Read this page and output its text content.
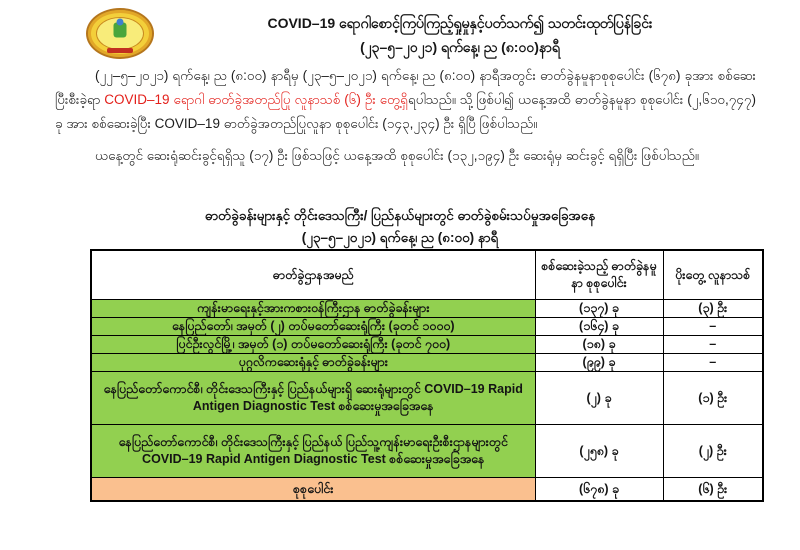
COVID–19 ရောဂါစောင့်ကြပ်ကြည့်ရှုမှုနှင့်ပတ်သက်၍ သတင်းထုတ်ပြန်ခြင်း
(၂၃–၅–၂၀၂၁) ရက်နေ့၊ ည (၈:၀၀)နာရီ

(၂၂–၅–၂၀၂၁) ရက်နေ့၊ ည (၈:၀၀) နာရီမှ (၂၃–၅–၂၀၂၁) ရက်နေ့၊ ည (၈:၀၀) နာရီအတွင်း ဓာတ်ခွဲနမူနာစုစုပေါင်း (၆၇၈) ခုအား စစ်ဆေးပြီးစီးခဲ့ရာ COVID–19 ရောဂါ ဓာတ်ခွဲအတည်ပြု လူနာသစ် (၆) ဦး တွေ့ရှိရပါသည်။ သို့ဖြစ်ပါ၍ ယနေ့အထိ ဓာတ်ခွဲနမူနာ စုစုပေါင်း (၂,၆၁၀,၇၄၇) ခု အား စစ်ဆေးခဲ့ပြီး COVID–19 ဓာတ်ခွဲအတည်ပြုလူနာ စုစုပေါင်း (၁၄၃,၂၃၄) ဦး ရှိပြီ ဖြစ်ပါသည်။

ယနေ့တွင် ဆေးရုံဆင်းခွင့်ရရှိသူ (၁၇) ဦး ဖြစ်သဖြင့် ယနေ့အထိ စုစုပေါင်း (၁၃၂,၁၉၄) ဦး ဆေးရုံမှ ဆင်းခွင့် ရရှိပြီး ဖြစ်ပါသည်။

ဓာတ်ခွဲခန်းများနှင့် တိုင်းဒေသကြီး/ ပြည်နယ်များတွင် ဓာတ်ခွဲစမ်းသပ်မှုအခြေအနေ
(၂၃–၅–၂၀၂၁) ရက်နေ့၊ ည (၈:၀၀) နာရီ
ဓာတ်ခွဲဌာနအမည်	စစ်ဆေးခဲ့သည့် ဓာတ်ခွဲနမူနာ စုစုပေါင်း	ပိုးတွေ့ လူနာသစ်
ကျန်းမာရေးနှင့်အားကစားဝန်ကြီးဌာန ဓာတ်ခွဲခန်းများ	(၁၃၇) ခု	(၃) ဦး
နေပြည်တော်၊ အမှတ် (၂) တပ်မတော်ဆေးရုံကြီး (ခုတင် ၁၀၀၀)	(၁၆၄) ခု	–
ပြင်ဦးလွင်မြို့၊ အမှတ် (၁) တပ်မတော်ဆေးရုံကြီး (ခုတင် ၇၀၀)	(၁၈) ခု	–
ပုဂ္ဂလိကဆေးရုံနှင့် ဓာတ်ခွဲခန်းများ	(၉၉) ခု	–
နေပြည်တော်ကောင်စီ၊ တိုင်းဒေသကြီးနှင့် ပြည်နယ်များရှိ ဆေးရုံများတွင် COVID–19 Rapid Antigen Diagnostic Test စစ်ဆေးမှုအခြေအနေ	(၂) ခု	(၁) ဦး
နေပြည်တော်ကောင်စီ၊ တိုင်းဒေသကြီးနှင့် ပြည်နယ် ပြည်သူ့ကျန်းမာရေးဦးစီးဌာနများတွင် COVID–19 Rapid Antigen Diagnostic Test စစ်ဆေးမှုအခြေအနေ	(၂၅၈) ခု	(၂) ဦး
စုစုပေါင်း	(၆၇၈) ခု	(၆) ဦး
